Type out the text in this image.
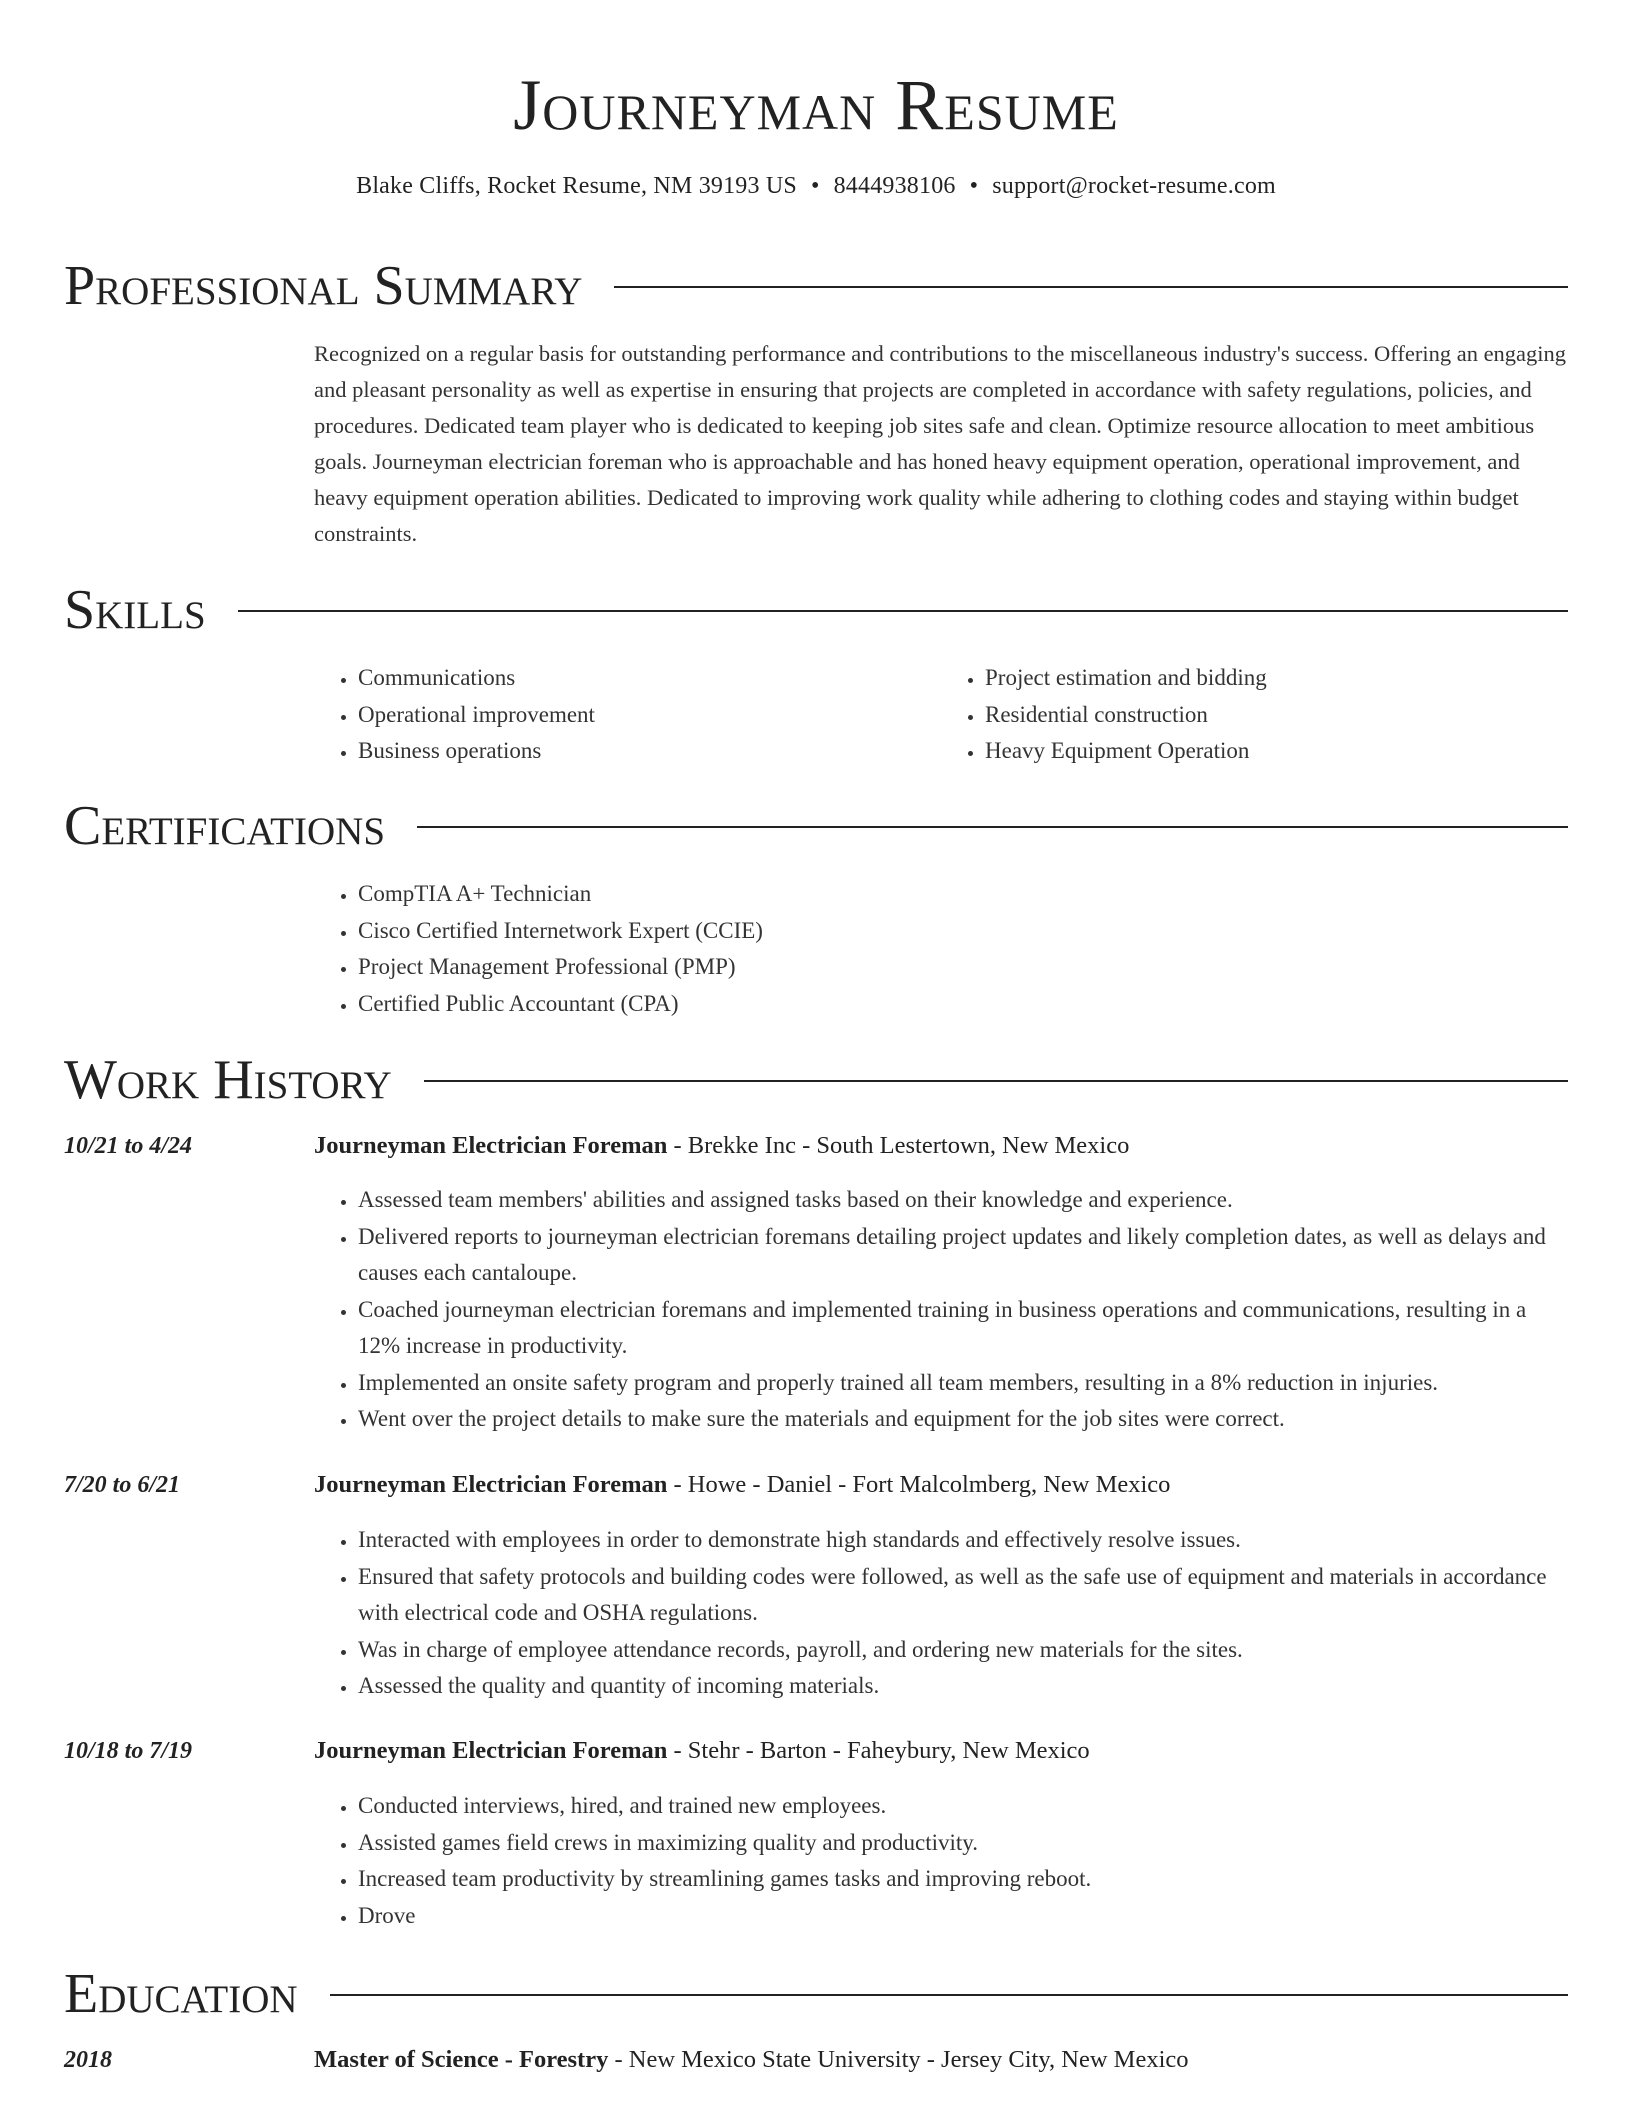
Journeyman Resume
Blake Cliffs, Rocket Resume, NM 39193 US • 8444938106 • support@rocket-resume.com
Professional Summary
Recognized on a regular basis for outstanding performance and contributions to the miscellaneous industry's success. Offering an engaging and pleasant personality as well as expertise in ensuring that projects are completed in accordance with safety regulations, policies, and procedures. Dedicated team player who is dedicated to keeping job sites safe and clean. Optimize resource allocation to meet ambitious goals. Journeyman electrician foreman who is approachable and has honed heavy equipment operation, operational improvement, and heavy equipment operation abilities. Dedicated to improving work quality while adhering to clothing codes and staying within budget constraints.
Skills
• Communications
• Operational improvement
• Business operations
• Project estimation and bidding
• Residential construction
• Heavy Equipment Operation
Certifications
• CompTIA A+ Technician
• Cisco Certified Internetwork Expert (CCIE)
• Project Management Professional (PMP)
• Certified Public Accountant (CPA)
Work History
10/21 to 4/24	Journeyman Electrician Foreman - Brekke Inc - South Lestertown, New Mexico
• Assessed team members' abilities and assigned tasks based on their knowledge and experience.
• Delivered reports to journeyman electrician foremans detailing project updates and likely completion dates, as well as delays and causes each cantaloupe.
• Coached journeyman electrician foremans and implemented training in business operations and communications, resulting in a 12% increase in productivity.
• Implemented an onsite safety program and properly trained all team members, resulting in a 8% reduction in injuries.
• Went over the project details to make sure the materials and equipment for the job sites were correct.
7/20 to 6/21	Journeyman Electrician Foreman - Howe - Daniel - Fort Malcolmberg, New Mexico
• Interacted with employees in order to demonstrate high standards and effectively resolve issues.
• Ensured that safety protocols and building codes were followed, as well as the safe use of equipment and materials in accordance with electrical code and OSHA regulations.
• Was in charge of employee attendance records, payroll, and ordering new materials for the sites.
• Assessed the quality and quantity of incoming materials.
10/18 to 7/19	Journeyman Electrician Foreman - Stehr - Barton - Faheybury, New Mexico
• Conducted interviews, hired, and trained new employees.
• Assisted games field crews in maximizing quality and productivity.
• Increased team productivity by streamlining games tasks and improving reboot.
• Drove
Education
2018	Master of Science - Forestry - New Mexico State University - Jersey City, New Mexico
